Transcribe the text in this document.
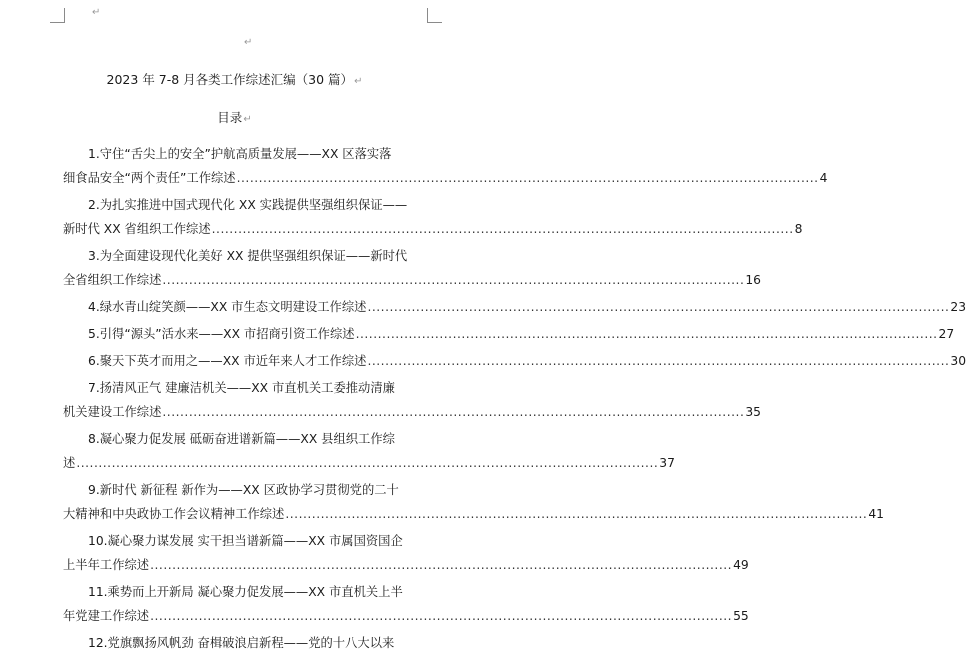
↵
↵
2023 年 7-8 月各类工作综述汇编（30 篇）↵
目录↵
1.守住“舌尖上的安全”护航高质量发展——XX 区落实落
细食品安全“两个责任”工作综述 .................................................................................................................................... 4
2.为扎实推进中国式现代化 XX 实践提供坚强组织保证——
新时代 XX 省组织工作综述 .................................................................................................................................... 8
3.为全面建设现代化美好 XX 提供坚强组织保证——新时代
全省组织工作综述 .................................................................................................................................... 16
4.绿水青山绽笑颜——XX 市生态文明建设工作综述 .................................................................................................................................... 23
5.引得“源头”活水来——XX 市招商引资工作综述 .................................................................................................................................... 27
6.聚天下英才而用之——XX 市近年来人才工作综述 .................................................................................................................................... 30
7.扬清风正气 建廉洁机关——XX 市直机关工委推动清廉
机关建设工作综述 .................................................................................................................................... 35
8.凝心聚力促发展 砥砺奋进谱新篇——XX 县组织工作综
述 .................................................................................................................................... 37
9.新时代 新征程 新作为——XX 区政协学习贯彻党的二十
大精神和中央政协工作会议精神工作综述 .................................................................................................................................... 41
10.凝心聚力谋发展 实干担当谱新篇——XX 市属国资国企
上半年工作综述 .................................................................................................................................... 49
11.乘势而上开新局 凝心聚力促发展——XX 市直机关上半
年党建工作综述 .................................................................................................................................... 55
12.党旗飘扬风帆劲 奋楫破浪启新程——党的十八大以来
